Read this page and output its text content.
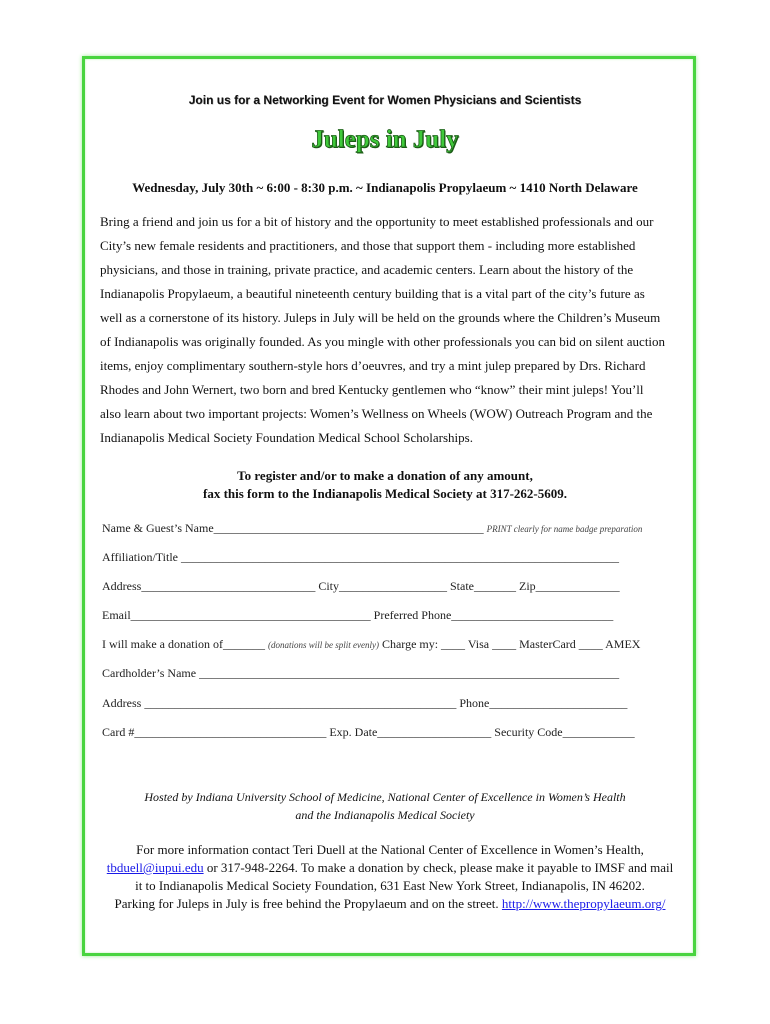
Join us for a Networking Event for Women Physicians and Scientists
Juleps in July
Wednesday, July 30th ~ 6:00 - 8:30 p.m. ~ Indianapolis Propylaeum ~ 1410 North Delaware

Bring a friend and join us for a bit of history and the opportunity to meet established professionals and our
City’s new female residents and practitioners, and those that support them - including more established
physicians, and those in training, private practice, and academic centers. Learn about the history of the
Indianapolis Propylaeum, a beautiful nineteenth century building that is a vital part of the city’s future as
well as a cornerstone of its history. Juleps in July will be held on the grounds where the Children’s Museum
of Indianapolis was originally founded. As you mingle with other professionals you can bid on silent auction
items, enjoy complimentary southern-style hors d’oeuvres, and try a mint julep prepared by Drs. Richard
Rhodes and John Wernert, two born and bred Kentucky gentlemen who “know” their mint juleps! You’ll
also learn about two important projects: Women’s Wellness on Wheels (WOW) Outreach Program and the
Indianapolis Medical Society Foundation Medical School Scholarships.

To register and/or to make a donation of any amount,
fax this form to the Indianapolis Medical Society at 317-262-5609.
Name & Guest’s Name_____________________________________________ PRINT clearly for name badge preparation
Affiliation/Title _________________________________________________________________________
Address_____________________________ City__________________ State_______ Zip______________
Email________________________________________ Preferred Phone___________________________
I will make a donation of_______ (donations will be split evenly) Charge my: ____ Visa ____ MasterCard ____ AMEX
Cardholder’s Name ______________________________________________________________________
Address ____________________________________________________ Phone_______________________
Card #________________________________ Exp. Date___________________ Security Code____________
Hosted by Indiana University School of Medicine, National Center of Excellence in Women’s Health
and the Indianapolis Medical Society
For more information contact Teri Duell at the National Center of Excellence in Women’s Health,
tbduell@iupui.edu or 317-948-2264. To make a donation by check, please make it payable to IMSF and mail
it to Indianapolis Medical Society Foundation, 631 East New York Street, Indianapolis, IN 46202.
Parking for Juleps in July is free behind the Propylaeum and on the street. http://www.thepropylaeum.org/
